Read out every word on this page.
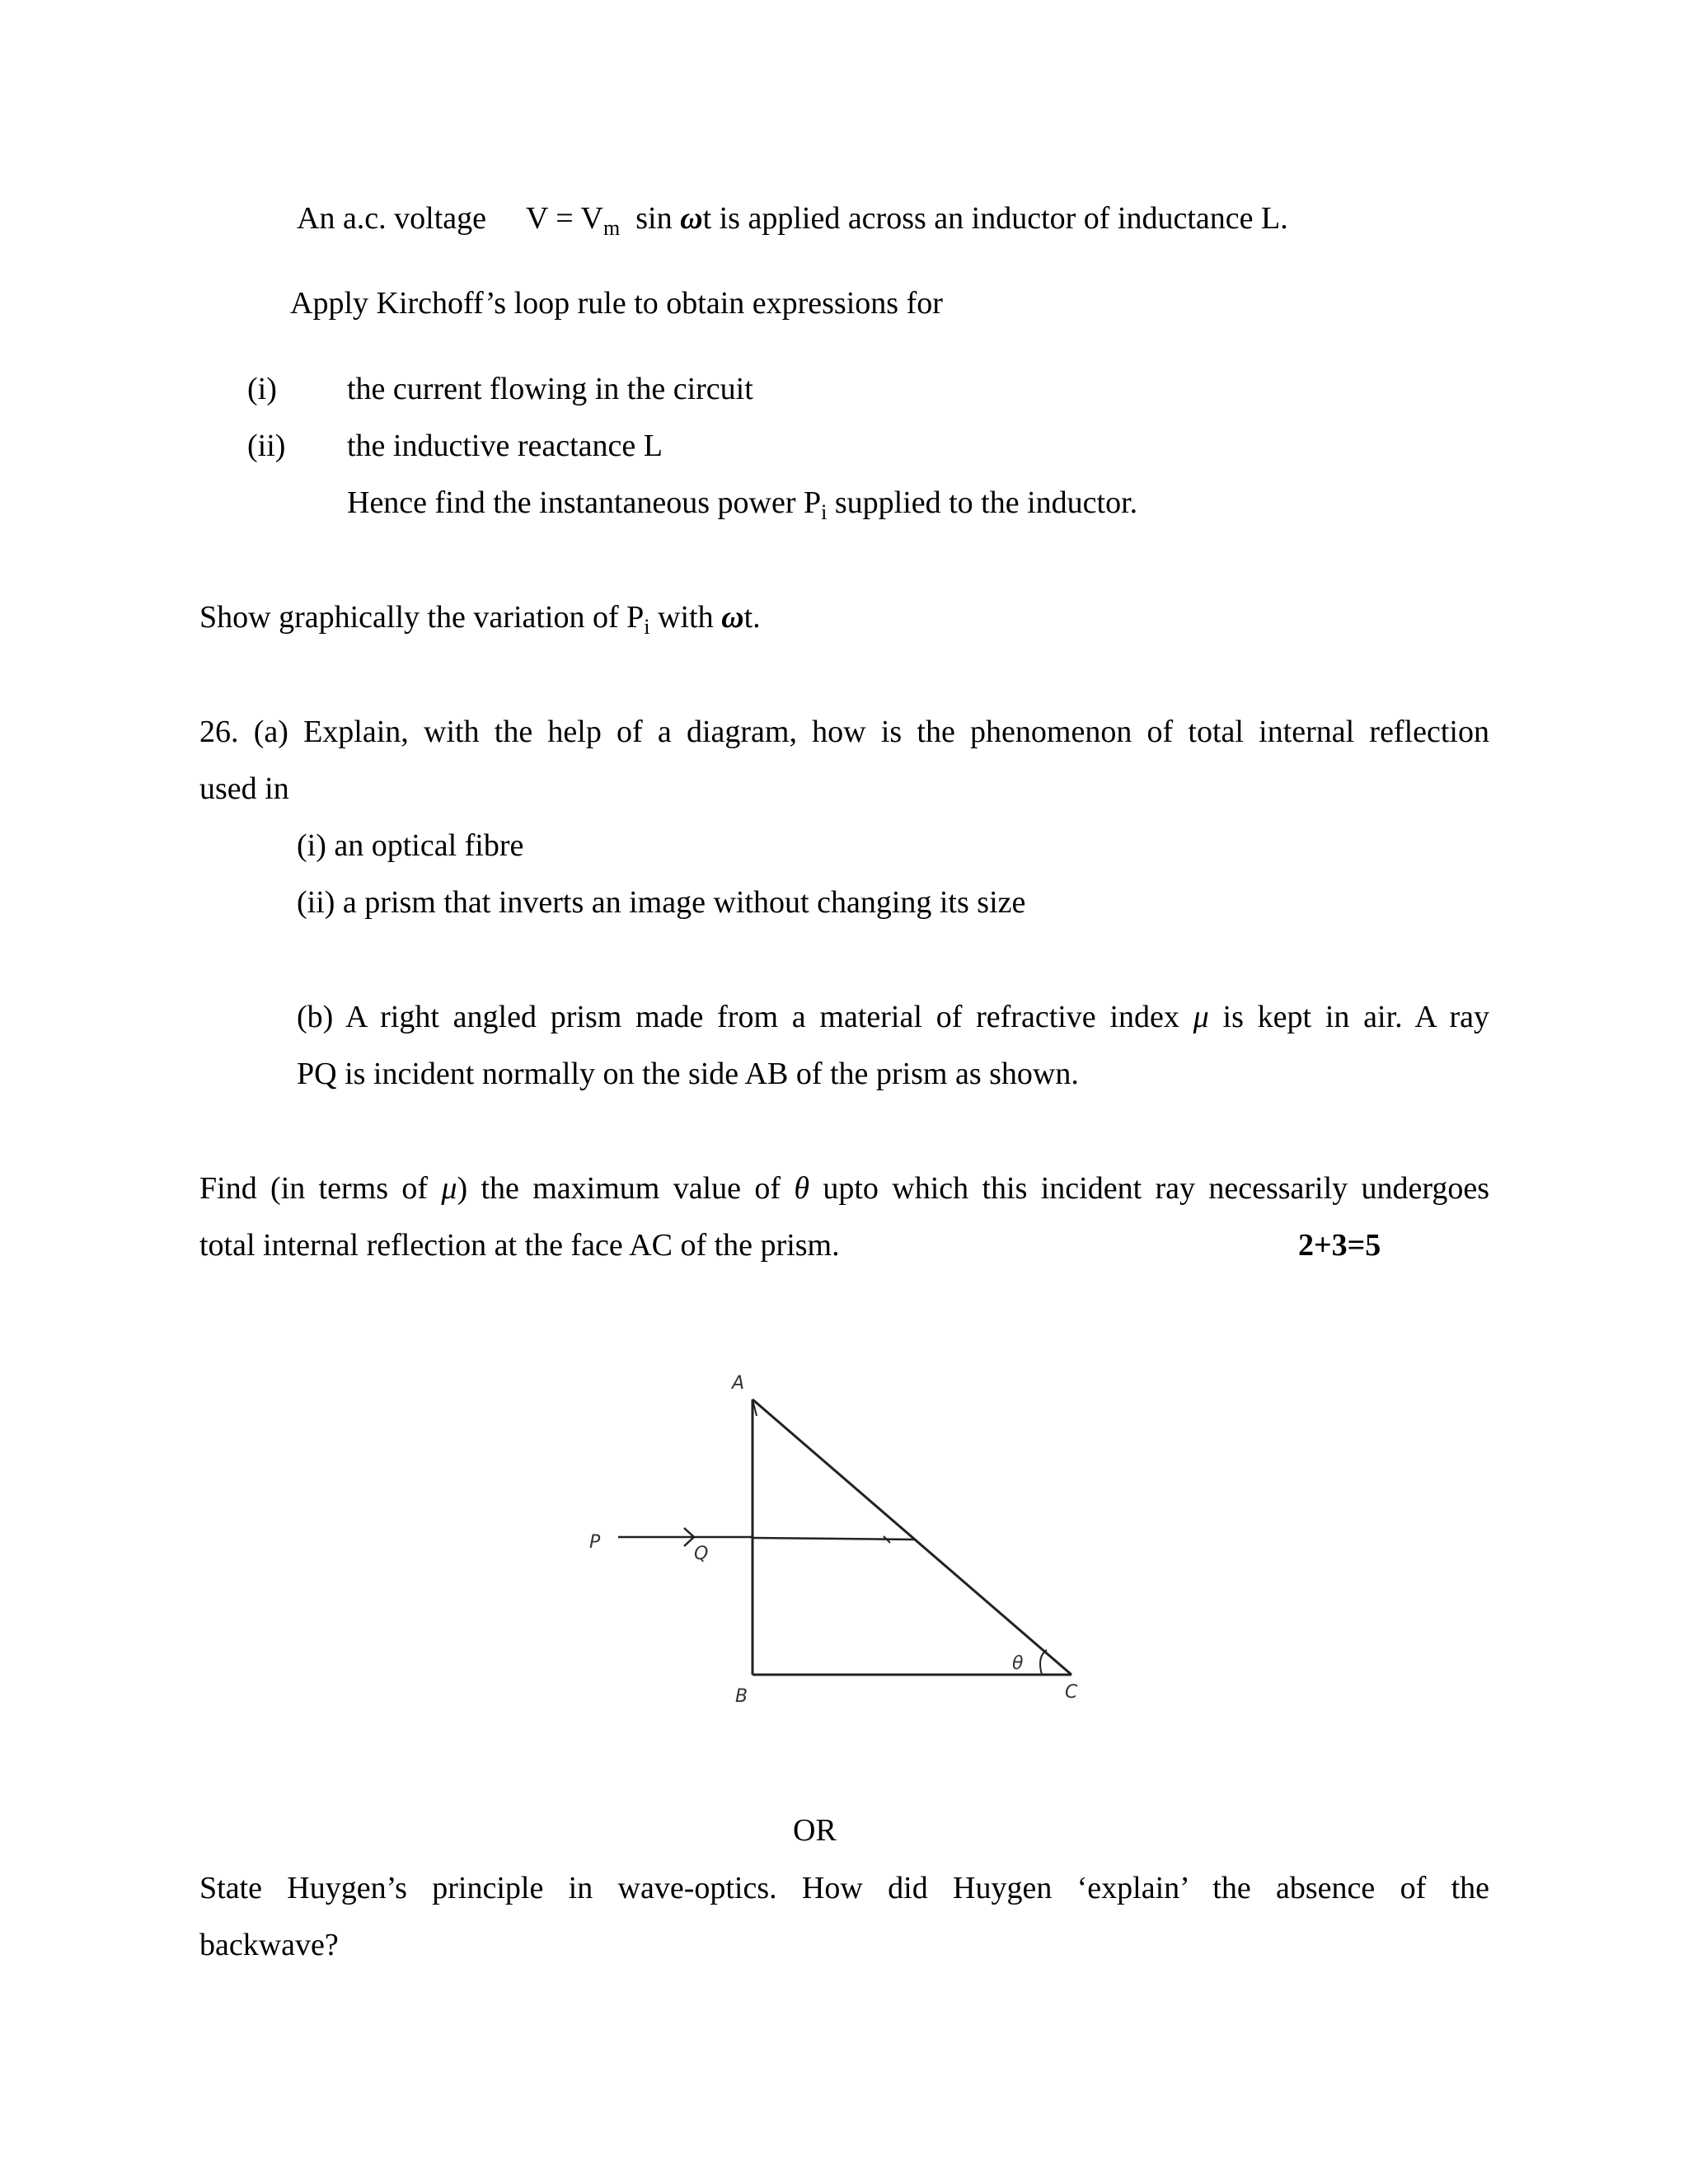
An a.c. voltage $V = V_m$ sin ωt is applied across an inductor of inductance L.
Apply Kirchoff’s loop rule to obtain expressions for
(i) the current flowing in the circuit
(ii) the inductive reactance L
Hence find the instantaneous power $P_i$ supplied to the inductor.
Show graphically the variation of $P_i$ with ωt.
26. (a) Explain, with the help of a diagram, how is the phenomenon of total internal reflection
used in
(i) an optical fibre
(ii) a prism that inverts an image without changing its size
(b) A right angled prism made from a material of refractive index μ is kept in air. A ray
PQ is incident normally on the side AB of the prism as shown.
Find (in terms of μ) the maximum value of θ upto which this incident ray necessarily undergoes
total internal reflection at the face AC of the prism.	2+3=5
A
B	C
P
Q
θ
OR
State Huygen’s principle in wave-optics. How did Huygen ‘explain’ the absence of the
backwave?
